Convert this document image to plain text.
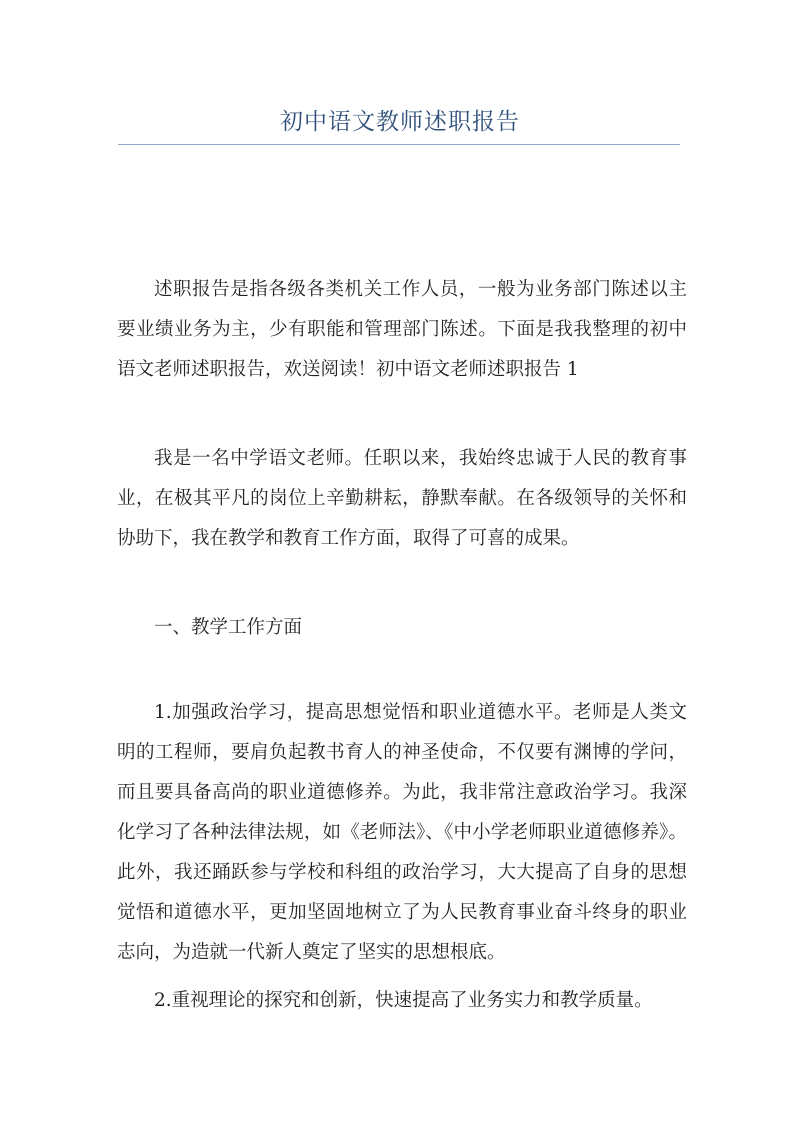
初中语文教师述职报告

述职报告是指各级各类机关工作人员，一般为业务部门陈述以主要业绩业务为主，少有职能和管理部门陈述。下面是我我整理的初中语文老师述职报告，欢送阅读！初中语文老师述职报告 1

我是一名中学语文老师。任职以来，我始终忠诚于人民的教育事业，在极其平凡的岗位上辛勤耕耘，静默奉献。在各级领导的关怀和协助下，我在教学和教育工作方面，取得了可喜的成果。

一、教学工作方面

1.加强政治学习，提高思想觉悟和职业道德水平。老师是人类文明的工程师，要肩负起教书育人的神圣使命，不仅要有渊博的学问，而且要具备高尚的职业道德修养。为此，我非常注意政治学习。我深化学习了各种法律法规，如《老师法》、《中小学老师职业道德修养》。此外，我还踊跃参与学校和科组的政治学习，大大提高了自身的思想觉悟和道德水平，更加坚固地树立了为人民教育事业奋斗终身的职业志向，为造就一代新人奠定了坚实的思想根底。

2.重视理论的探究和创新，快速提高了业务实力和教学质量。
